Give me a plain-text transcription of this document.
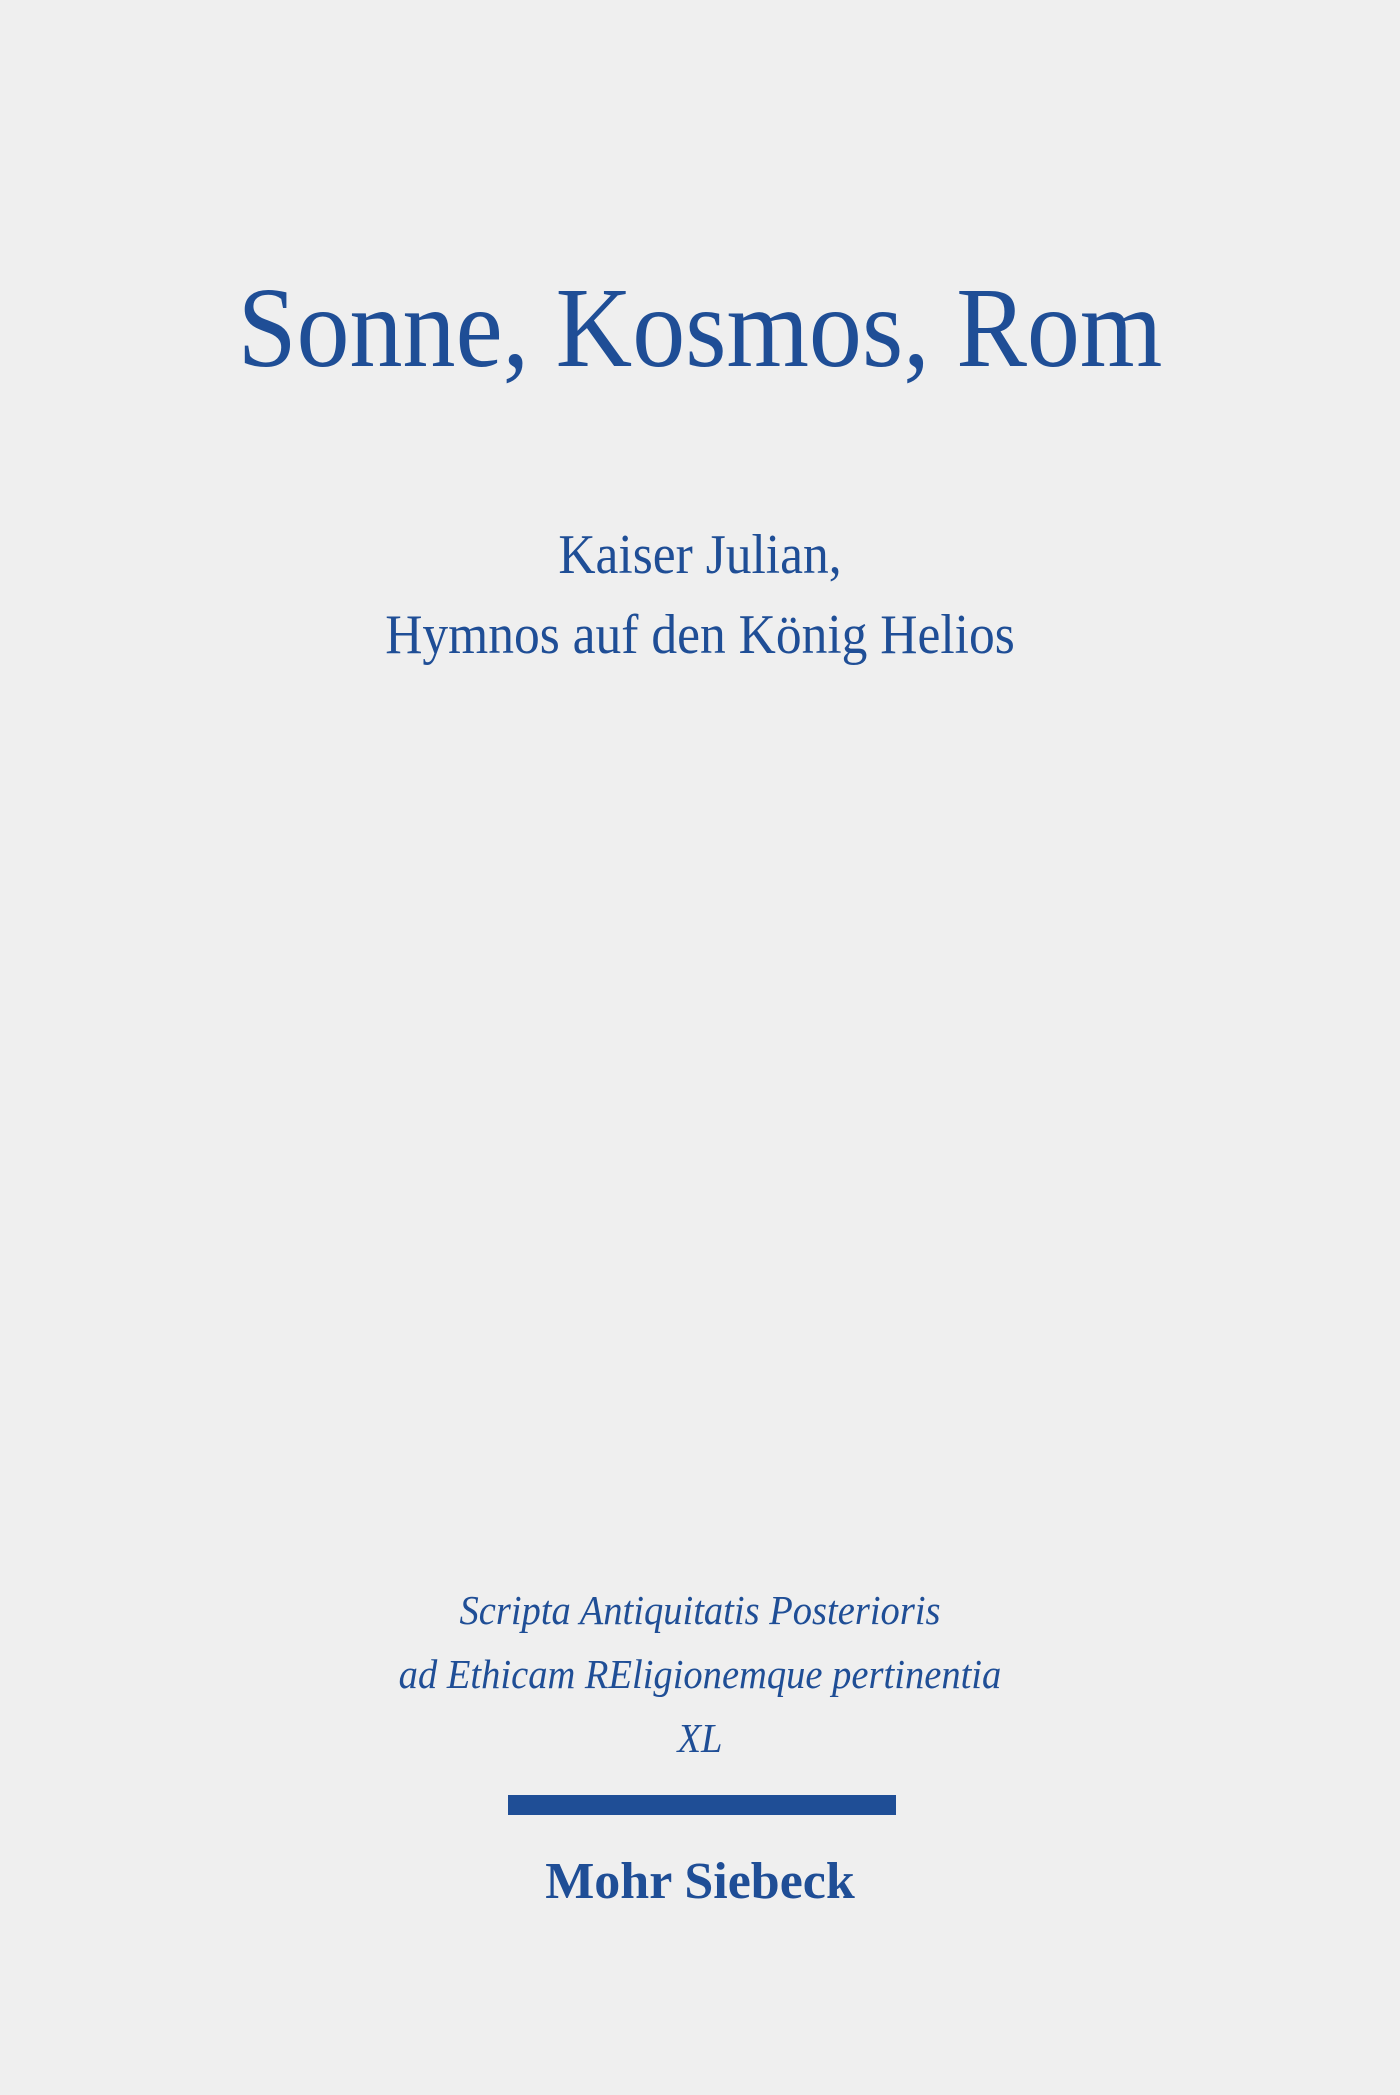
Sonne, Kosmos, Rom
Kaiser Julian,
Hymnos auf den König Helios
Scripta Antiquitatis Posterioris
ad Ethicam REligionemque pertinentia
XL
Mohr Siebeck
